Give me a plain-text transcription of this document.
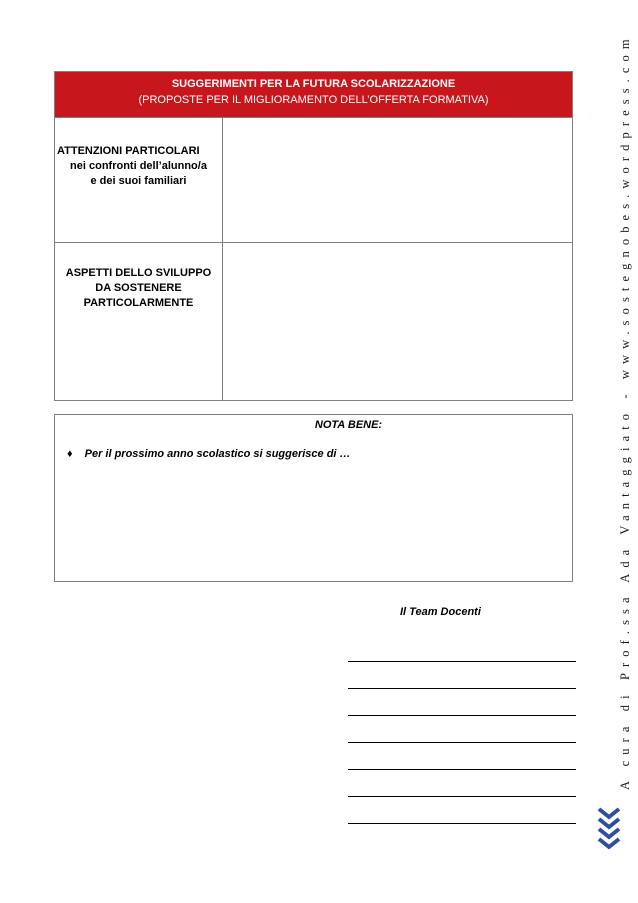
SUGGERIMENTI PER LA FUTURA SCOLARIZZAZIONE
(PROPOSTE PER IL MIGLIORAMENTO DELL’OFFERTA FORMATIVA)
ATTENZIONI PARTICOLARI
nei confronti dell’alunno/a
e dei suoi familiari
ASPETTI DELLO SVILUPPO
DA SOSTENERE
PARTICOLARMENTE
NOTA BENE:
♦ Per il prossimo anno scolastico si suggerisce di …
Il Team Docenti	A cura di Prof.ssa Ada Vantaggiato - www.sostegnobes.wordpress.com
